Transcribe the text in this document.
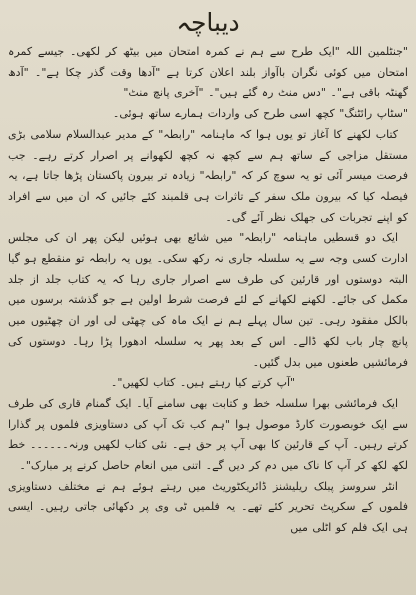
دیباچہ

"جنٹلمین اللہ "ایک طرح سے ہم نے کمرہ امتحان میں بیٹھ کر لکھی۔ جیسے کمرہ امتحان میں کوئی نگران باآواز بلند اعلان کرتا ہے "آدھا وقت گذر چکا ہے"۔ "آدھ گھنٹہ باقی ہے"۔ "دس منٹ رہ گئے ہیں"۔ "آخری پانچ منٹ"

"سٹاپ رائٹنگ" کچھ اسی طرح کی واردات ہمارے ساتھ ہوئی۔

کتاب لکھنے کا آغاز تو یوں ہوا کہ ماہنامہ "رابطہ" کے مدیر عبدالسلام سلامی بڑی مستقل مزاجی کے ساتھ ہم سے کچھ نہ کچھ لکھوانے پر اصرار کرتے رہے۔ جب فرصت میسر آئی تو یہ سوچ کر کہ "رابطہ" زیادہ تر بیرون پاکستان پڑھا جاتا ہے، یہ فیصلہ کیا کہ بیرون ملک سفر کے تاثرات ہی قلمبند کئے جائیں کہ ان میں سے افراد کو اپنے تجربات کی جھلک نظر آئے گی۔

ایک دو قسطیں ماہنامہ "رابطہ" میں شائع بھی ہوئیں لیکن پھر ان کی مجلس ادارت کسی وجہ سے یہ سلسلہ جاری نہ رکھ سکی۔ یوں یہ رابطہ تو منقطع ہو گیا البتہ دوستوں اور قارئین کی طرف سے اصرار جاری رہا کہ یہ کتاب جلد از جلد مکمل کی جائے۔ لکھنے لکھانے کے لئے فرصت شرط اولین ہے جو گذشتہ برسوں میں بالکل مفقود رہی۔ تین سال پہلے ہم نے ایک ماہ کی چھٹی لی اور ان چھٹیوں میں پانچ چار باب لکھ ڈالے۔ اس کے بعد پھر یہ سلسلہ ادھورا پڑا رہا۔ دوستوں کی فرمائشیں طعنوں میں بدل گئیں۔

"آپ کرتے کیا رہتے ہیں۔ کتاب لکھیں"۔

ایک فرمائشی بھرا سلسلہ خط و کتابت بھی سامنے آیا۔ ایک گمنام قاری کی طرف سے ایک خوبصورت کارڈ موصول ہوا "ہم کب تک آپ کی دستاویزی فلموں پر گذارا کرتے رہیں۔ آپ کے قارئین کا بھی آپ پر حق ہے۔ نئی کتاب لکھیں ورنہ۔۔۔۔۔۔ خط لکھ لکھ کر آپ کا ناک میں دم کر دیں گے۔ اتنی میں انعام حاصل کرنے پر مبارک"۔

انٹر سروسز پبلک ریلیشنز ڈائریکٹوریٹ میں رہتے ہوئے ہم نے مختلف دستاویزی فلموں کے سکرپٹ تحریر کئے تھے۔ یہ فلمیں ٹی وی پر دکھائی جاتی رہیں۔ ایسی ہی ایک فلم کو اٹلی میں
